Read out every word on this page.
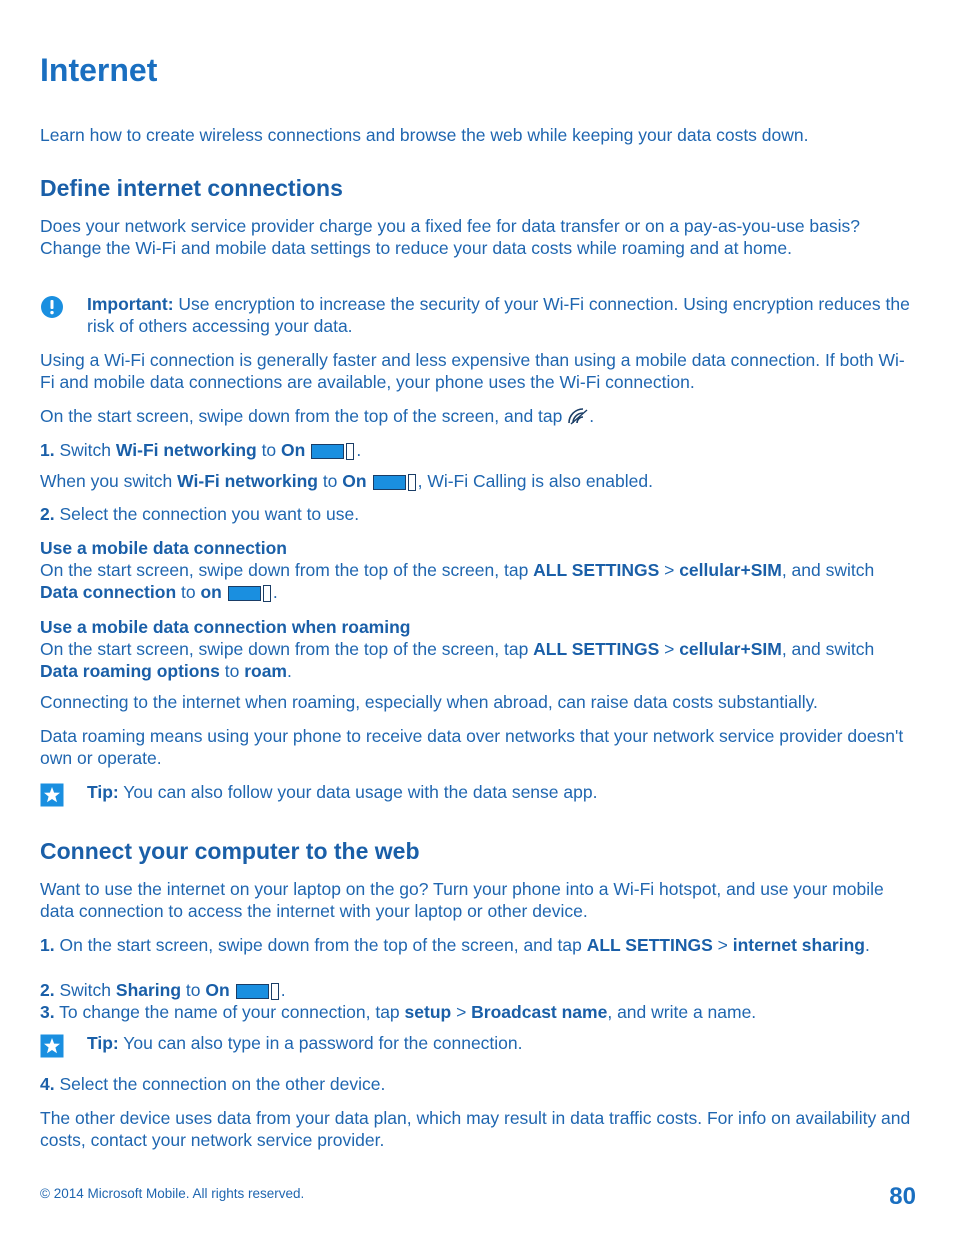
Internet

Learn how to create wireless connections and browse the web while keeping your data costs down.

Define internet connections

Does your network service provider charge you a fixed fee for data transfer or on a pay-as-you-use basis? Change the Wi-Fi and mobile data settings to reduce your data costs while roaming and at home.

Important: Use encryption to increase the security of your Wi-Fi connection. Using encryption reduces the risk of others accessing your data.

Using a Wi-Fi connection is generally faster and less expensive than using a mobile data connection. If both Wi-Fi and mobile data connections are available, your phone uses the Wi-Fi connection.

On the start screen, swipe down from the top of the screen, and tap .

1. Switch Wi-Fi networking to On	.

When you switch Wi-Fi networking to On	, Wi-Fi Calling is also enabled.

2. Select the connection you want to use.

Use a mobile data connection

On the start screen, swipe down from the top of the screen, tap ALL SETTINGS > cellular+SIM, and switch Data connection to on	.

Use a mobile data connection when roaming

On the start screen, swipe down from the top of the screen, tap ALL SETTINGS > cellular+SIM, and switch Data roaming options to roam.

Connecting to the internet when roaming, especially when abroad, can raise data costs substantially.

Data roaming means using your phone to receive data over networks that your network service provider doesn't own or operate.

Tip: You can also follow your data usage with the data sense app.

Connect your computer to the web

Want to use the internet on your laptop on the go? Turn your phone into a Wi-Fi hotspot, and use your mobile data connection to access the internet with your laptop or other device.

1. On the start screen, swipe down from the top of the screen, and tap ALL SETTINGS > internet sharing.

2. Switch Sharing to On	.

3. To change the name of your connection, tap setup > Broadcast name, and write a name.

Tip: You can also type in a password for the connection.

4. Select the connection on the other device.

The other device uses data from your data plan, which may result in data traffic costs. For info on availability and costs, contact your network service provider.

© 2014 Microsoft Mobile. All rights reserved.	80
